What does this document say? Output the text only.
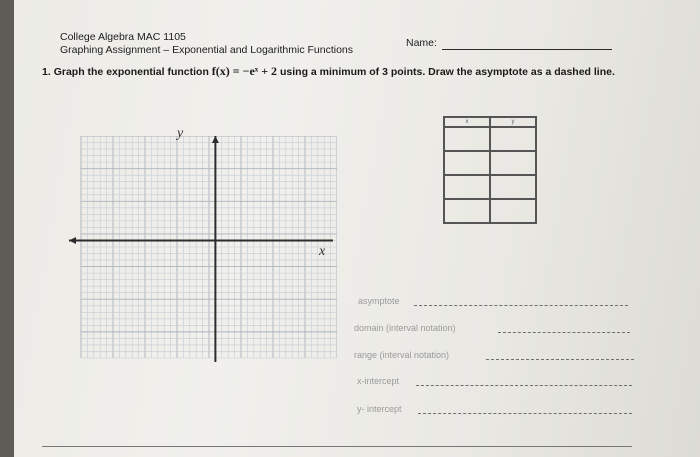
College Algebra MAC 1105
Graphing Assignment – Exponential and Logarithmic Functions
Name:
1. Graph the exponential function f(x) = −eˣ + 2 using a minimum of 3 points. Draw the asymptote as a dashed line.
y
x
x	y

asymptote
domain (interval notation)
range (interval notation)
x-intercept
y- intercept
